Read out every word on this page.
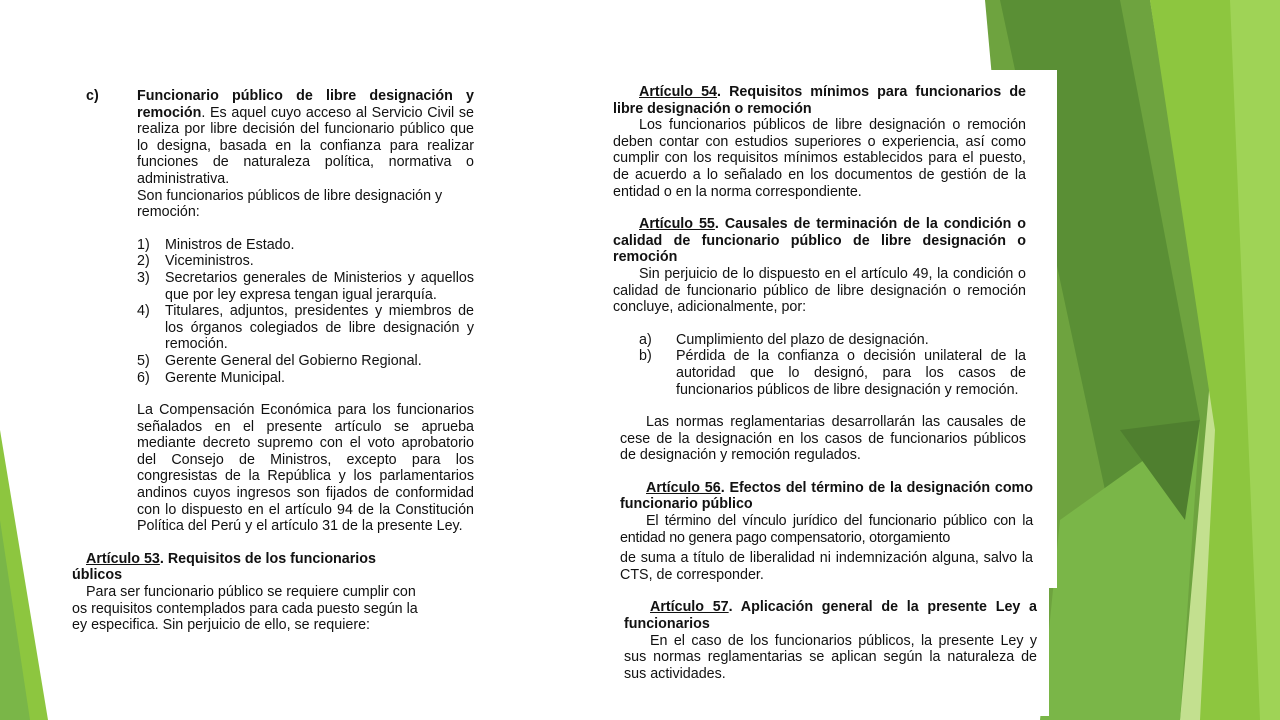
c)	Funcionario público de libre designación y remoción. Es aquel cuyo acceso al Servicio Civil se realiza por libre decisión del funcionario público que lo designa, basada en la confianza para realizar funciones de naturaleza política, normativa o administrativa.

Son funcionarios públicos de libre designación y remoción:

1)	Ministros de Estado.
2)	Viceministros.
3)	Secretarios generales de Ministerios y aquellos que por ley expresa tengan igual jerarquía.
4)	Titulares, adjuntos, presidentes y miembros de los órganos colegiados de libre designación y remoción.
5)	Gerente General del Gobierno Regional.
6)	Gerente Municipal.

La Compensación Económica para los funcionarios señalados en el presente artículo se aprueba mediante decreto supremo con el voto aprobatorio del Consejo de Ministros, excepto para los congresistas de la República y los parlamentarios andinos cuyos ingresos son fijados de conformidad con lo dispuesto en el artículo 94 de la Constitución Política del Perú y el artículo 31 de la presente Ley.

Artículo 53. Requisitos de los funcionarios

úblicos

Para ser funcionario público se requiere cumplir con

os requisitos contemplados para cada puesto según la

ey especifica. Sin perjuicio de ello, se requiere:

Artículo 54. Requisitos mínimos para funcionarios de libre designación o remoción

Los funcionarios públicos de libre designación o remoción deben contar con estudios superiores o experiencia, así como cumplir con los requisitos mínimos establecidos para el puesto, de acuerdo a lo señalado en los documentos de gestión de la entidad o en la norma correspondiente.

Artículo 55. Causales de terminación de la condición o calidad de funcionario público de libre designación o remoción

Sin perjuicio de lo dispuesto en el artículo 49, la condición o calidad de funcionario público de libre designación o remoción concluye, adicionalmente, por:

a)	Cumplimiento del plazo de designación.
b)	Pérdida de la confianza o decisión unilateral de la autoridad que lo designó, para los casos de funcionarios públicos de libre designación y remoción.

Las normas reglamentarias desarrollarán las causales de cese de la designación en los casos de funcionarios públicos de designación y remoción regulados.

Artículo 56. Efectos del término de la designación como funcionario público

El término del vínculo jurídico del funcionario público con la entidad no genera pago compensatorio, otorgamiento

de suma a título de liberalidad ni indemnización alguna, salvo la CTS, de corresponder.

Artículo 57. Aplicación general de la presente Ley a funcionarios

En el caso de los funcionarios públicos, la presente Ley y sus normas reglamentarias se aplican según la naturaleza de sus actividades.
